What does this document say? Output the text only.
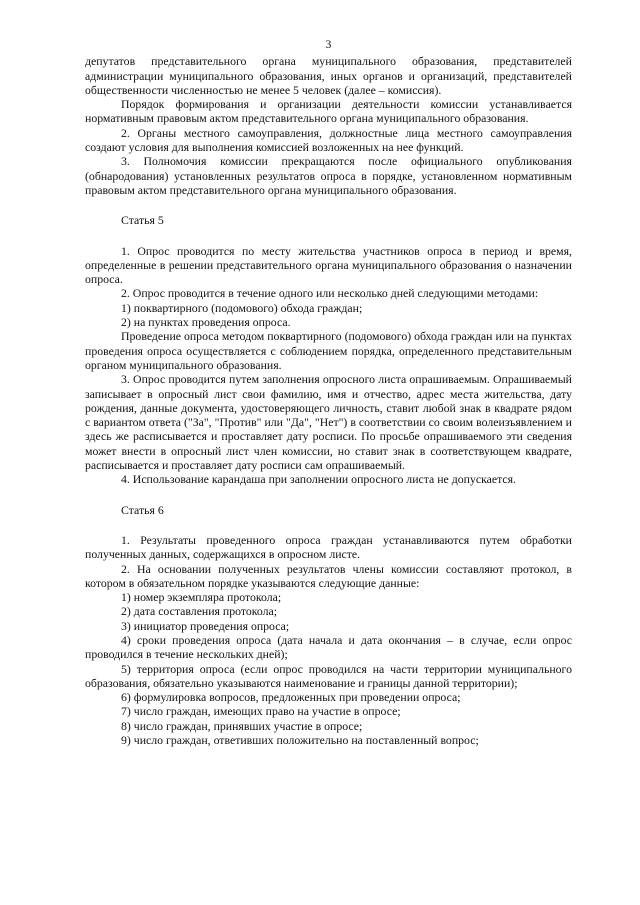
3

депутатов представительного органа муниципального образования, представителей администрации муниципального образования, иных органов и организаций, представителей общественности численностью не менее 5 человек (далее – комиссия).

Порядок формирования и организации деятельности комиссии устанавливается нормативным правовым актом представительного органа муниципального образования.

2. Органы местного самоуправления, должностные лица местного самоуправления создают условия для выполнения комиссией возложенных на нее функций.

3. Полномочия комиссии прекращаются после официального опубликования (обнародования) установленных результатов опроса в порядке, установленном нормативным правовым актом представительного органа муниципального образования.

Статья 5

1. Опрос проводится по месту жительства участников опроса в период и время, определенные в решении представительного органа муниципального образования о назначении опроса.

2. Опрос проводится в течение одного или несколько дней следующими методами:

1) поквартирного (подомового) обхода граждан;

2) на пунктах проведения опроса.

Проведение опроса методом поквартирного (подомового) обхода граждан или на пунктах проведения опроса осуществляется с соблюдением порядка, определенного представительным органом муниципального образования.

3. Опрос проводится путем заполнения опросного листа опрашиваемым. Опрашиваемый записывает в опросный лист свои фамилию, имя и отчество, адрес места жительства, дату рождения, данные документа, удостоверяющего личность, ставит любой знак в квадрате рядом с вариантом ответа ("За", "Против" или "Да", "Нет") в соответствии со своим волеизъявлением и здесь же расписывается и проставляет дату росписи. По просьбе опрашиваемого эти сведения может внести в опросный лист член комиссии, но ставит знак в соответствующем квадрате, расписывается и проставляет дату росписи сам опрашиваемый.

4. Использование карандаша при заполнении опросного листа не допускается.

Статья 6

1. Результаты проведенного опроса граждан устанавливаются путем обработки полученных данных, содержащихся в опросном листе.

2. На основании полученных результатов члены комиссии составляют протокол, в котором в обязательном порядке указываются следующие данные:

1) номер экземпляра протокола;

2) дата составления протокола;

3) инициатор проведения опроса;

4) сроки проведения опроса (дата начала и дата окончания – в случае, если опрос проводился в течение нескольких дней);

5) территория опроса (если опрос проводился на части территории муниципального образования, обязательно указываются наименование и границы данной территории);

6) формулировка вопросов, предложенных при проведении опроса;

7) число граждан, имеющих право на участие в опросе;

8) число граждан, принявших участие в опросе;

9) число граждан, ответивших положительно на поставленный вопрос;
